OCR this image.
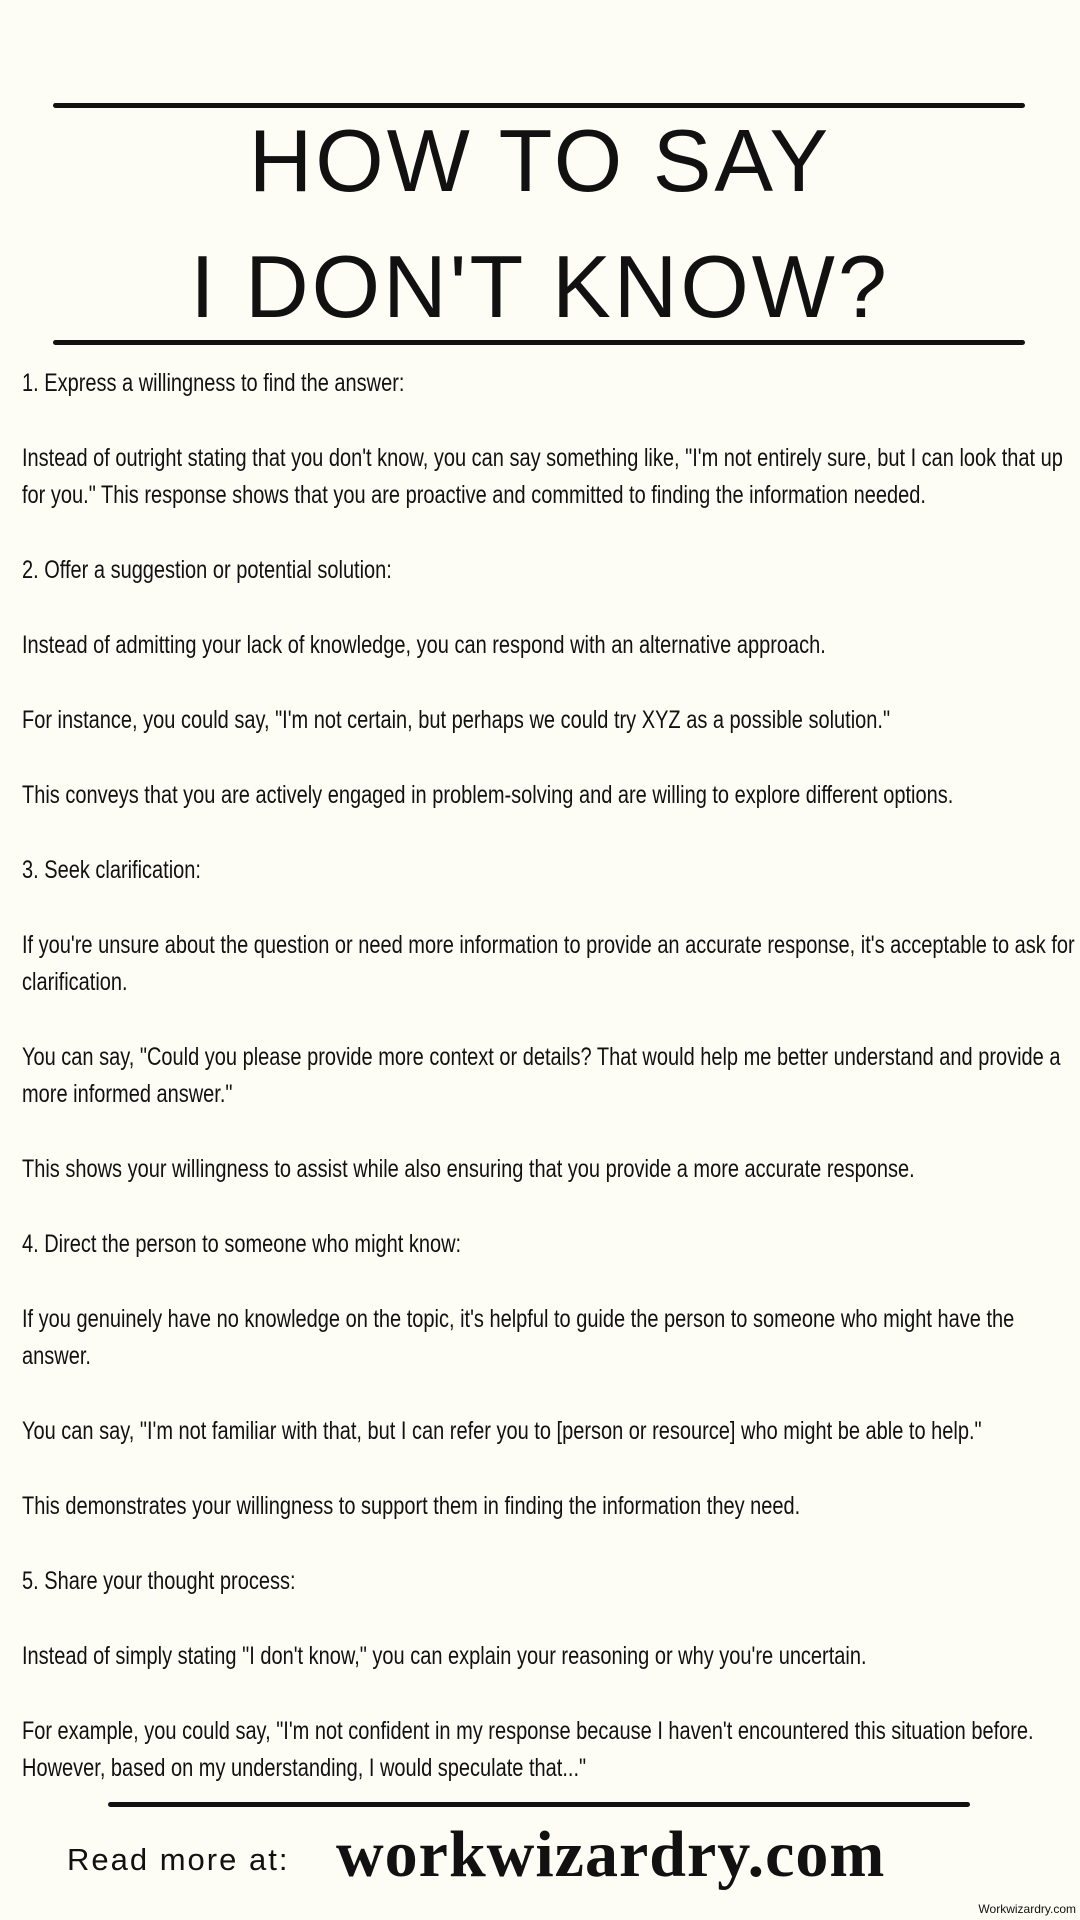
HOW TO SAY
I DON'T KNOW?

1. Express a willingness to find the answer:

Instead of outright stating that you don't know, you can say something like, "I'm not entirely sure, but I can look that up for you." This response shows that you are proactive and committed to finding the information needed.

2. Offer a suggestion or potential solution:

Instead of admitting your lack of knowledge, you can respond with an alternative approach.

For instance, you could say, "I'm not certain, but perhaps we could try XYZ as a possible solution."

This conveys that you are actively engaged in problem-solving and are willing to explore different options.

3. Seek clarification:

If you're unsure about the question or need more information to provide an accurate response, it's acceptable to ask for clarification.

You can say, "Could you please provide more context or details? That would help me better understand and provide a more informed answer."

This shows your willingness to assist while also ensuring that you provide a more accurate response.

4. Direct the person to someone who might know:

If you genuinely have no knowledge on the topic, it's helpful to guide the person to someone who might have the answer.

You can say, "I'm not familiar with that, but I can refer you to [person or resource] who might be able to help."

This demonstrates your willingness to support them in finding the information they need.

5. Share your thought process:

Instead of simply stating "I don't know," you can explain your reasoning or why you're uncertain.

For example, you could say, "I'm not confident in my response because I haven't encountered this situation before. However, based on my understanding, I would speculate that..."

Read more at: workwizardry.com
Workwizardry.com
